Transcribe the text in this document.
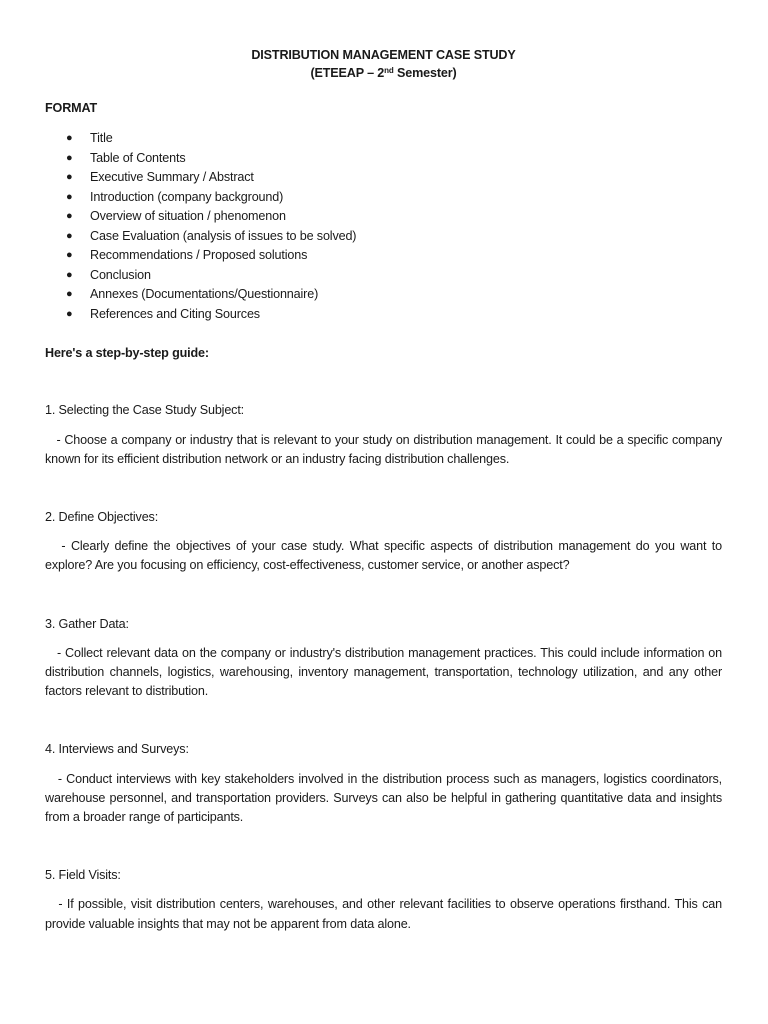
DISTRIBUTION MANAGEMENT CASE STUDY
(ETEEAP – 2nd Semester)
FORMAT
● Title
● Table of Contents
● Executive Summary / Abstract
● Introduction (company background)
● Overview of situation / phenomenon
● Case Evaluation (analysis of issues to be solved)
● Recommendations / Proposed solutions
● Conclusion
● Annexes (Documentations/Questionnaire)
● References and Citing Sources
Here's a step-by-step guide:
1. Selecting the Case Study Subject:
- Choose a company or industry that is relevant to your study on distribution management. It could be a specific company known for its efficient distribution network or an industry facing distribution challenges.
2. Define Objectives:
- Clearly define the objectives of your case study. What specific aspects of distribution management do you want to explore? Are you focusing on efficiency, cost-effectiveness, customer service, or another aspect?
3. Gather Data:
- Collect relevant data on the company or industry's distribution management practices. This could include information on distribution channels, logistics, warehousing, inventory management, transportation, technology utilization, and any other factors relevant to distribution.
4. Interviews and Surveys:
- Conduct interviews with key stakeholders involved in the distribution process such as managers, logistics coordinators, warehouse personnel, and transportation providers. Surveys can also be helpful in gathering quantitative data and insights from a broader range of participants.
5. Field Visits:
- If possible, visit distribution centers, warehouses, and other relevant facilities to observe operations firsthand. This can provide valuable insights that may not be apparent from data alone.
